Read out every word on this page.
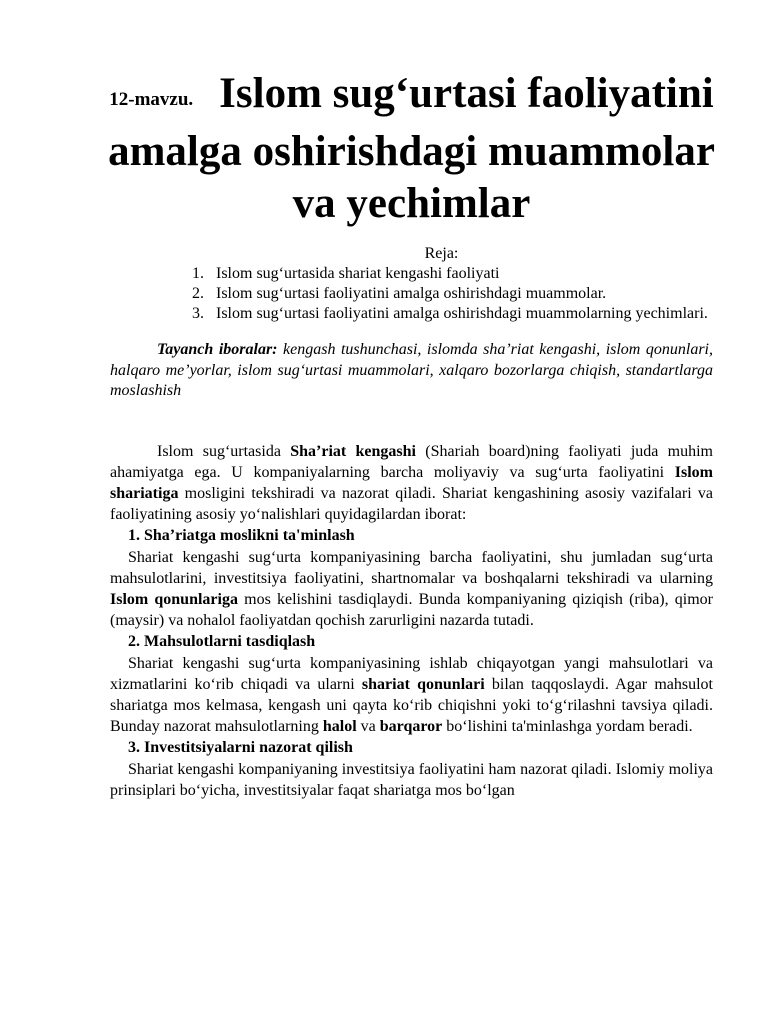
12-mavzu. Islom sug‘urtasi faoliyatini amalga oshirishdagi muammolar va yechimlar
Reja:
1. Islom sug‘urtasida shariat kengashi faoliyati
2. Islom sug‘urtasi faoliyatini amalga oshirishdagi muammolar.
3. Islom sug‘urtasi faoliyatini amalga oshirishdagi muammolarning yechimlari.
Tayanch iboralar: kengash tushunchasi, islomda sha’riat kengashi, islom qonunlari, halqaro me’yorlar, islom sug‘urtasi muammolari, xalqaro bozorlarga chiqish, standartlarga moslashish
Islom sug‘urtasida Sha’riat kengashi (Shariah board)ning faoliyati juda muhim ahamiyatga ega. U kompaniyalarning barcha moliyaviy va sug‘urta faoliyatini Islom shariatiga mosligini tekshiradi va nazorat qiladi. Shariat kengashining asosiy vazifalari va faoliyatining asosiy yo‘nalishlari quyidagilardan iborat:
1. Sha’riatga moslikni ta'minlash
Shariat kengashi sug‘urta kompaniyasining barcha faoliyatini, shu jumladan sug‘urta mahsulotlarini, investitsiya faoliyatini, shartnomalar va boshqalarni tekshiradi va ularning Islom qonunlariga mos kelishini tasdiqlaydi. Bunda kompaniyaning qiziqish (riba), qimor (maysir) va nohalol faoliyatdan qochish zarurligini nazarda tutadi.
2. Mahsulotlarni tasdiqlash
Shariat kengashi sug‘urta kompaniyasining ishlab chiqayotgan yangi mahsulotlari va xizmatlarini ko‘rib chiqadi va ularni shariat qonunlari bilan taqqoslaydi. Agar mahsulot shariatga mos kelmasa, kengash uni qayta ko‘rib chiqishni yoki to‘g‘rilashni tavsiya qiladi. Bunday nazorat mahsulotlarning halol va barqaror bo‘lishini ta'minlashga yordam beradi.
3. Investitsiyalarni nazorat qilish
Shariat kengashi kompaniyaning investitsiya faoliyatini ham nazorat qiladi. Islomiy moliya prinsiplari bo‘yicha, investitsiyalar faqat shariatga mos bo‘lgan
